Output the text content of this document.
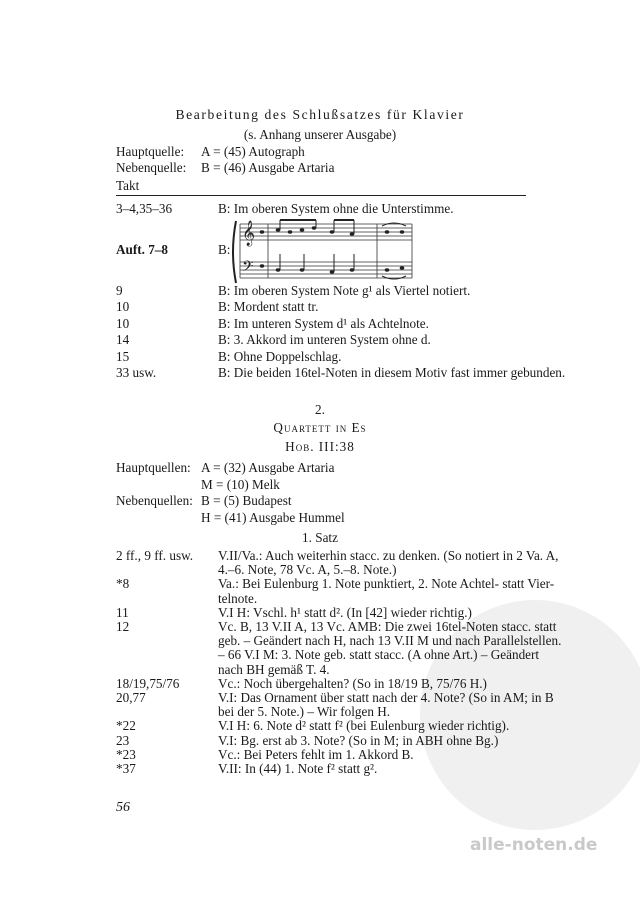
alle-noten.de
Bearbeitung des Schlußsatzes für Klavier
(s. Anhang unserer Ausgabe)
Takt
𝄞
𝄢
2.
Quartett in Es
Hob. III:38
1. Satz
56
Hauptquelle: A = (45) Autograph
Nebenquelle: B = (46) Ausgabe Artaria
3–4,35–36	B: Im oberen System ohne die Unterstimme.
Auft. 7–8	B:
9	B: Im oberen System Note g¹ als Viertel notiert.
10	B: Mordent statt tr.
10	B: Im unteren System d¹ als Achtelnote.
14	B: 3. Akkord im unteren System ohne d.
15	B: Ohne Doppelschlag.
33 usw.	B: Die beiden 16tel-Noten in diesem Motiv fast immer gebunden.
Hauptquellen: A = (32) Ausgabe Artaria
M = (10) Melk
Nebenquellen: B = (5) Budapest
H = (41) Ausgabe Hummel
2 ff., 9 ff. usw. V.II/Va.: Auch weiterhin stacc. zu denken. (So notiert in 2 Va. A,
4.–6. Note, 78 Vc. A, 5.–8. Note.)
*8	Va.: Bei Eulenburg 1. Note punktiert, 2. Note Achtel- statt Vier-
telnote.
11	V.I H: Vschl. h¹ statt d². (In [42] wieder richtig.)
12	Vc. B, 13 V.II A, 13 Vc. AMB: Die zwei 16tel-Noten stacc. statt
geb. – Geändert nach H, nach 13 V.II M und nach Parallelstellen.
– 66 V.I M: 3. Note geb. statt stacc. (A ohne Art.) – Geändert
nach BH gemäß T. 4.
18/19,75/76	Vc.: Noch übergehalten? (So in 18/19 B, 75/76 H.)
20,77	V.I: Das Ornament über statt nach der 4. Note? (So in AM; in B
bei der 5. Note.) – Wir folgen H.
*22	V.I H: 6. Note d² statt f² (bei Eulenburg wieder richtig).
23	V.I: Bg. erst ab 3. Note? (So in M; in ABH ohne Bg.)
*23	Vc.: Bei Peters fehlt im 1. Akkord B.
*37	V.II: In (44) 1. Note f² statt g².
